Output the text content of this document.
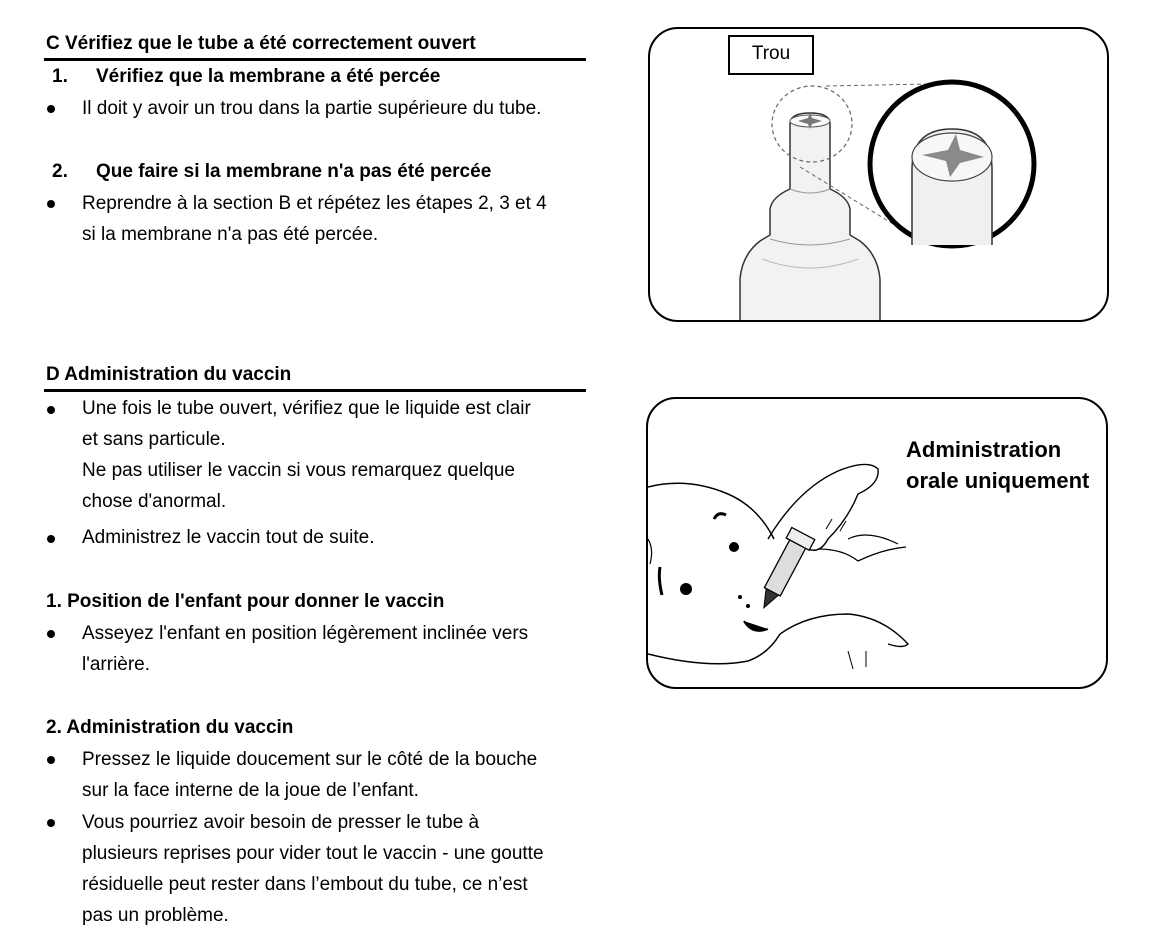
C Vérifiez que le tube a été correctement ouvert
1. Vérifiez que la membrane a été percée
Il doit y avoir un trou dans la partie supérieure du tube.
2. Que faire si la membrane n'a pas été percée
Reprendre à la section B et répétez les étapes 2, 3 et 4
si la membrane n'a pas été percée.
D Administration du vaccin
Une fois le tube ouvert, vérifiez que le liquide est clair
et sans particule.
Ne pas utiliser le vaccin si vous remarquez quelque
chose d'anormal.
Administrez le vaccin tout de suite.
1. Position de l'enfant pour donner le vaccin
Asseyez l'enfant en position légèrement inclinée vers
l'arrière.
2. Administration du vaccin
Pressez le liquide doucement sur le côté de la bouche
sur la face interne de la joue de l’enfant.
Vous pourriez avoir besoin de presser le tube à
plusieurs reprises pour vider tout le vaccin - une goutte
résiduelle peut rester dans l’embout du tube, ce n’est
pas un problème.
Trou
Administration
orale uniquement
